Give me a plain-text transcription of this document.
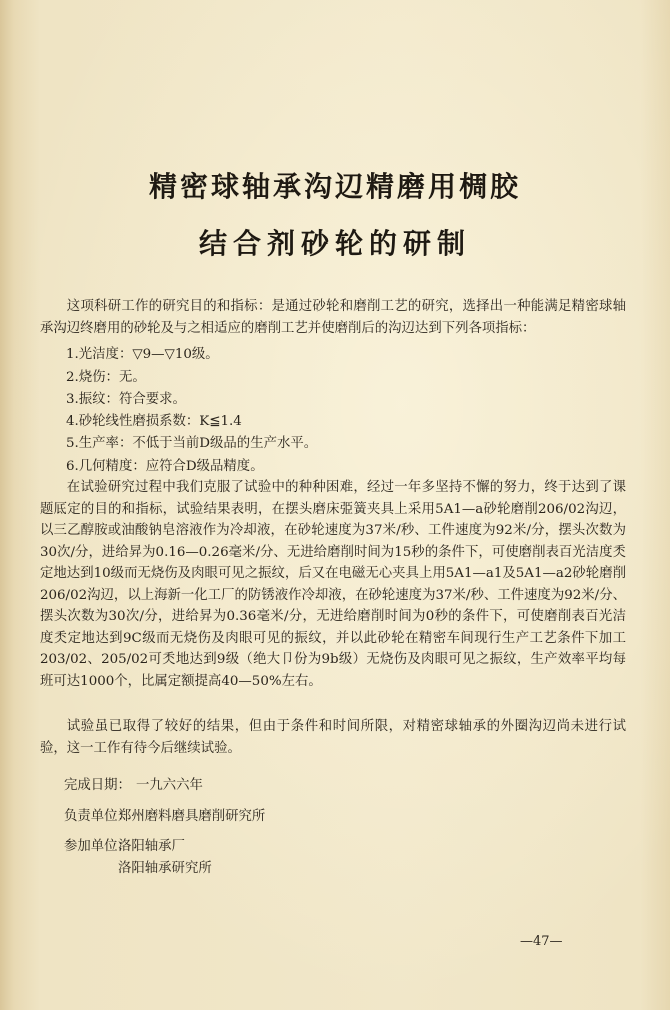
精密球轴承沟辺精磨用椆胶
结合剂砂轮的研制

这项科研工作的研究目的和指标：是通过砂轮和磨削工艺的研究，选择出一种能满足精密球轴承沟辺终磨用的砂轮及与之相适应的磨削工艺并使磨削后的沟辺达到下列各项指标：

1.光洁度：▽9—▽10级。
2.烧伤：无。
3.振纹：符合要求。
4.砂轮线性磨损系数：K≦1.4
5.生产率：不低于当前D级品的生产水平。
6.几何精度：应符合D级品精度。

在试验研究过程中我们克服了试验中的种种困难，经过一年多坚持不懈的努力，终于达到了课题厎定的目的和指标，试验结果表明，在摆头磨床弫簧夹具上采用5A1—a砂轮磨削206/02沟辺，以三乙醇胺或油酸钠皂溶液作为冷却液，在砂轮速度为37米/秒、工件速度为92米/分，摆头次数为30次/分，进给昇为0.16—0.26毫米/分、无进给磨削时间为15秒的条件下，可使磨削表百光洁度秂定地达到10级而无烧伤及肉眼可见之振纹，后又在电磁无心夹具上用5A1—a1及5A1—a2砂轮磨削206/02沟辺，以上海新一化工厂的防锈液作冷却液，在砂轮速度为37米/秒、工件速度为92米/分、摆头次数为30次/分，进给昇为0.36毫米/分，无进给磨削时间为0秒的条件下，可使磨削表百光洁度秂定地达到9C级而无烧伤及肉眼可见的振纹，并以此砂轮在精密车间现行生产工艺条件下加工203/02、205/02可秂地达到9级（绝大卩份为9b级）无烧伤及肉眼可见之振纹，生产效率平均每班可达1000个，比属定额提高40—50%左右。

试验虽已取得了较好的结果，但由于条件和时间所限，对精密球轴承的外圈沟辺尚未进行试验，这一工作有待今后继续试验。

完成日期： 一九六六年
负责单位：
郑州磨料磨具磨削研究所
参加单位：
洛阳轴承厂
洛阳轴承研究所
—47—
